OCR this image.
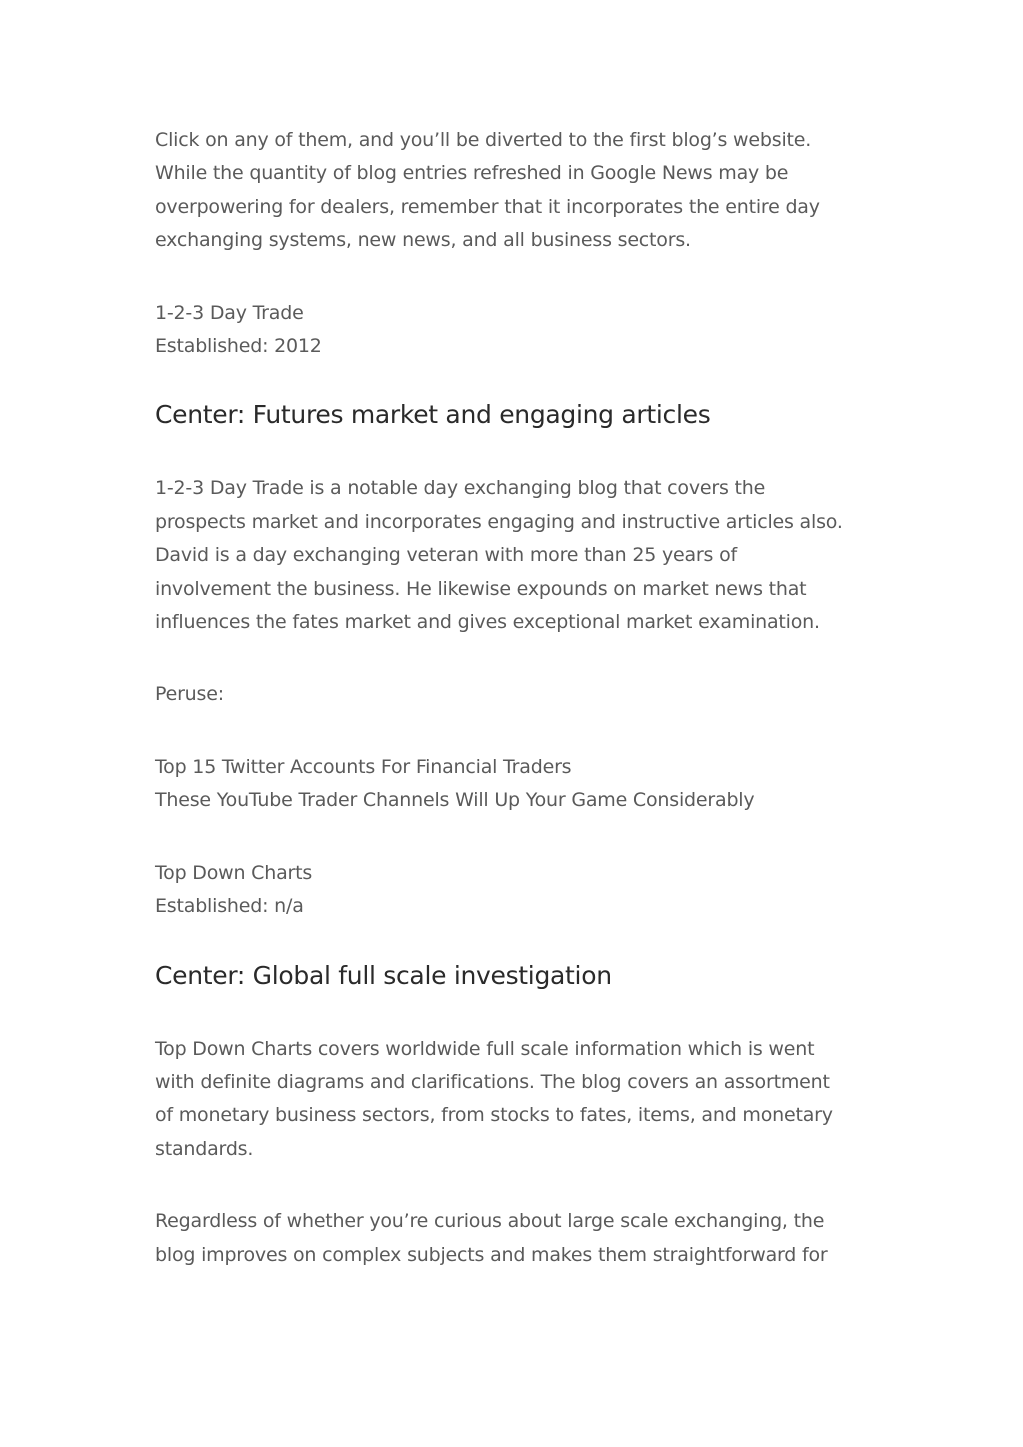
Click on any of them, and you’ll be diverted to the first blog’s website.
While the quantity of blog entries refreshed in Google News may be
overpowering for dealers, remember that it incorporates the entire day
exchanging systems, new news, and all business sectors.

1-2-3 Day Trade
Established: 2012

Center: Futures market and engaging articles

1-2-3 Day Trade is a notable day exchanging blog that covers the
prospects market and incorporates engaging and instructive articles also.
David is a day exchanging veteran with more than 25 years of
involvement the business. He likewise expounds on market news that
influences the fates market and gives exceptional market examination.

Peruse:

Top 15 Twitter Accounts For Financial Traders
These YouTube Trader Channels Will Up Your Game Considerably

Top Down Charts
Established: n/a

Center: Global full scale investigation

Top Down Charts covers worldwide full scale information which is went
with definite diagrams and clarifications. The blog covers an assortment
of monetary business sectors, from stocks to fates, items, and monetary
standards.

Regardless of whether you’re curious about large scale exchanging, the
blog improves on complex subjects and makes them straightforward for
